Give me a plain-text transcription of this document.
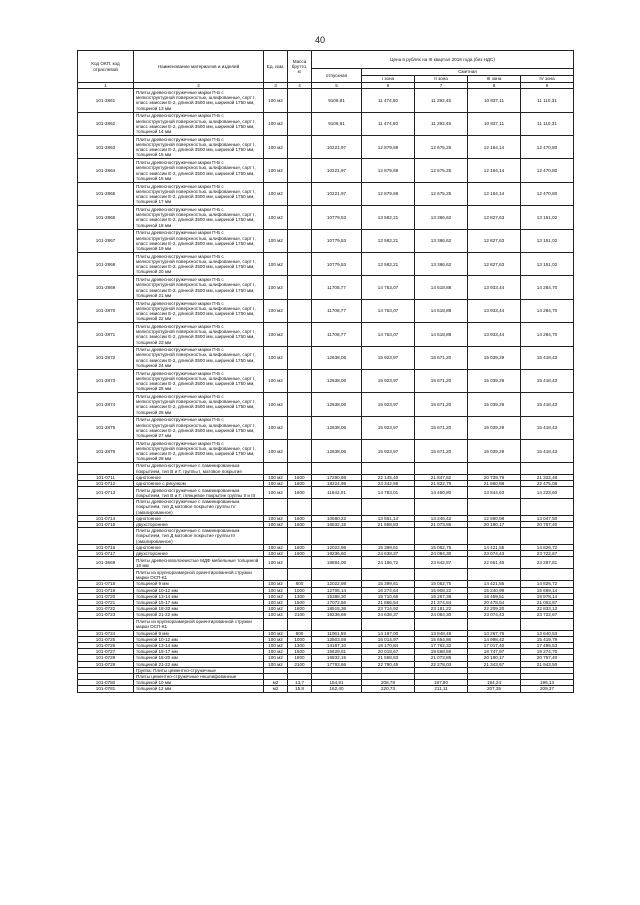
40
Код ОКП, код отраслевой	Наименование материалов и изделий	Ед. изм.	Масса брутто, кг	Цена в рублях на III квартал 2018 года (без НДС)				
				отпускная	Сметная			
					I зона	II зона	III зона	IV зона
1	2	3	4	5	6	7	8	9
101-2861	Плиты древесностружечные марки П-Б с мелкоструктурной поверхностью, шлифованные, сорт I, класс эмиссии Е-2, длиной 3500 мм, шириной 1750 мм, толщиной 13 мм	100 м2		9106,81	11 474,50	11 292,45	10 837,11	11 110,31
101-2862	Плиты древесностружечные марки П-Б с мелкоструктурной поверхностью, шлифованные, сорт I, класс эмиссии Е-2, длиной 3500 мм, шириной 1750 мм, толщиной 14 мм	100 м2		9106,81	11 474,50	11 292,45	10 837,11	11 110,31
101-2863	Плиты древесностружечные марки П-Б с мелкоструктурной поверхностью, шлифованные, сорт I, класс эмиссии Е-2, длиной 3500 мм, шириной 1750 мм, толщиной 15 мм	100 м2		10221,97	12 879,69	12 675,25	12 164,14	12 470,80
101-2864	Плиты древесностружечные марки П-Б с мелкоструктурной поверхностью, шлифованные, сорт I, класс эмиссии Е-2, длиной 3500 мм, шириной 1750 мм, толщиной 16 мм	100 м2		10221,97	12 879,69	12 675,25	12 164,14	12 470,80
101-2865	Плиты древесностружечные марки П-Б с мелкоструктурной поверхностью, шлифованные, сорт I, класс эмиссии Е-2, длиной 3500 мм, шириной 1750 мм, толщиной 17 мм	100 м2		10221,97	12 879,69	12 675,25	12 164,14	12 470,80
101-2866	Плиты древесностружечные марки П-Б с мелкоструктурной поверхностью, шлифованные, сорт I, класс эмиссии Е-2, длиной 3500 мм, шириной 1750 мм, толщиной 18 мм	100 м2		10779,53	13 582,21	13 366,62	12 827,63	13 151,02
101-2867	Плиты древесностружечные марки П-Б с мелкоструктурной поверхностью, шлифованные, сорт I, класс эмиссии Е-2, длиной 3500 мм, шириной 1750 мм, толщиной 19 мм	100 м2		10779,53	13 582,21	13 366,62	12 827,63	13 151,02
101-2868	Плиты древесностружечные марки П-Б с мелкоструктурной поверхностью, шлифованные, сорт I, класс эмиссии Е-2, длиной 3500 мм, шириной 1750 мм, толщиной 20 мм	100 м2		10779,53	13 582,21	13 366,62	12 827,63	13 151,02
101-2869	Плиты древесностружечные марки П-Б с мелкоструктурной поверхностью, шлифованные, сорт I, класс эмиссии Е-2, длиной 3500 мм, шириной 1750 мм, толщиной 21 мм	100 м2		11708,77	14 753,07	14 518,88	13 933,44	14 284,70
101-2870	Плиты древесностружечные марки П-Б с мелкоструктурной поверхностью, шлифованные, сорт I, класс эмиссии Е-2, длиной 3500 мм, шириной 1750 мм, толщиной 22 мм	100 м2		11708,77	14 753,07	14 518,88	13 933,44	14 284,70
101-2871	Плиты древесностружечные марки П-Б с мелкоструктурной поверхностью, шлифованные, сорт I, класс эмиссии Е-2, длиной 3500 мм, шириной 1750 мм, толщиной 23 мм	100 м2		11708,77	14 753,07	14 518,88	13 933,44	14 284,70
101-2872	Плиты древесностружечные марки П-Б с мелкоструктурной поверхностью, шлифованные, сорт I, класс эмиссии Е-2, длиной 3500 мм, шириной 1750 мм, толщиной 24 мм	100 м2		12638,06	15 923,97	15 671,20	15 039,29	15 418,43
101-2873	Плиты древесностружечные марки П-Б с мелкоструктурной поверхностью, шлифованные, сорт I, класс эмиссии Е-2, длиной 3500 мм, шириной 1750 мм, толщиной 25 мм	100 м2		12638,06	15 923,97	15 671,20	15 039,29	15 418,43
101-2874	Плиты древесностружечные марки П-Б с мелкоструктурной поверхностью, шлифованные, сорт I, класс эмиссии Е-2, длиной 3500 мм, шириной 1750 мм, толщиной 26 мм	100 м2		12638,06	15 923,97	15 671,20	15 039,29	15 418,43
101-2875	Плиты древесностружечные марки П-Б с мелкоструктурной поверхностью, шлифованные, сорт I, класс эмиссии Е-2, длиной 3500 мм, шириной 1750 мм, толщиной 27 мм	100 м2		12638,06	15 923,97	15 671,20	15 039,29	15 418,43
101-2876	Плиты древесностружечные марки П-Б с мелкоструктурной поверхностью, шлифованные, сорт I, класс эмиссии Е-2, длиной 3500 мм, шириной 1750 мм, толщиной 28 мм	100 м2		12638,06	15 923,97	15 671,20	15 039,29	15 418,43
	Плиты древесностружечные с ламинированным покрытием, тип В и Г, группы I, матовое покрытие							
101-0711	однотонное	100 м2	1600	17290,98	22 145,40	21 847,82	20 739,79	21 322,46
101-0712	однотонное с рисунком	100 м2	1600	18224,99	23 342,56	21 822,79	21 860,88	22 475,08
101-0713	Плиты древесностружечные с ламинированным покрытием, тип В и Г, глянцевое покрытие группы II и III	100 м2	1600	11542,01	14 783,01	14 450,80	13 844,63	14 223,60
	Плиты древесностружечные с ламинированным покрытием, тип Д матовое покрытие группы IV (эмалированное)							
101-0714	однотонное	100 м2	1600	10580,22	13 551,14	13 246,42	12 690,98	13 047,50
101-0715	двухстороннее	100 м2	1600	16832,15	21 558,83	21 073,86	20 190,17	20 757,40
	Плиты древесностружечные с ламинированным покрытием, тип Д матовое покрытие группы III (эмалированное)							
101-0716	однотонное	100 м2	1600	12022,98	15 399,61	15 052,75	14 421,55	14 826,72
101-0717	двухстороннее	100 м2	1600	19236,60	24 638,37	24 084,30	23 074,43	23 722,67
101-3669	Плиты древесноволокнистые МДФ мебельные толщиной 16 мм	100 м2		18884,06	24 186,72	23 642,87	22 651,46	23 287,81
	Плиты из крупноразмерной ориентированной стружки марки ОСП-К1							
101-0718	толщиной 9 мм	100 м2	800	12022,98	15 399,61	15 052,75	14 421,55	14 826,72
101-0719	толщиной 10-12 мм	100 м2	1000	12706,14	16 274,64	15 908,22	15 240,99	15 669,14
101-0720	толщиной 13-14 мм	100 м2	1300	15388,30	19 710,66	19 267,38	18 459,51	18 978,14
101-0721	толщиной 15-17 мм	100 м2	1500	17072,56	21 866,54	21 374,84	20 478,54	21 053,87
101-0722	толщиной 18-20 мм	100 м2	1800	18515,36	23 714,92	23 181,22	22 209,20	22 833,13
101-0723	толщиной 21-22 мм	100 м2	2100	19236,69	24 638,37	24 084,30	23 074,43	23 722,67
	Плиты из крупноразмерной ориентированной стружки марки ОСП-К1							
101-0724	толщиной 9 мм	100 м2	800	11061,59	14 167,00	13 848,49	13 267,76	13 640,53
101-0725	толщиной 10-12 мм	100 м2	1000	12503,59	16 014,97	15 654,86	14 998,42	15 419,79
101-0726	толщиной 13-14 мм	100 м2	1300	14187,10	18 170,84	17 762,32	17 017,40	17 495,53
101-0727	толщиной 15-17 мм	100 м2	1500	15629,81	20 018,67	19 568,59	18 747,97	19 274,70
101-0728	толщиной 18-20 мм	100 м2	1800	16832,15	21 558,83	21 073,86	20 190,17	20 757,40
101-0729	толщиной 21-22 мм	100 м2	2100	17793,66	22 790,45	22 278,03	21 343,67	21 943,50
	Группа: Плиты цементно-стружечные							
	Плиты цементно-стружечные нешлифованные							
101-0780	толщиной 10 мм	м2	13,7	154,91	208,78	197,80	194,24	196,13
101-0781	толщиной 12 мм	м2	15,8	162,40	220,73	211,11	207,35	209,37
